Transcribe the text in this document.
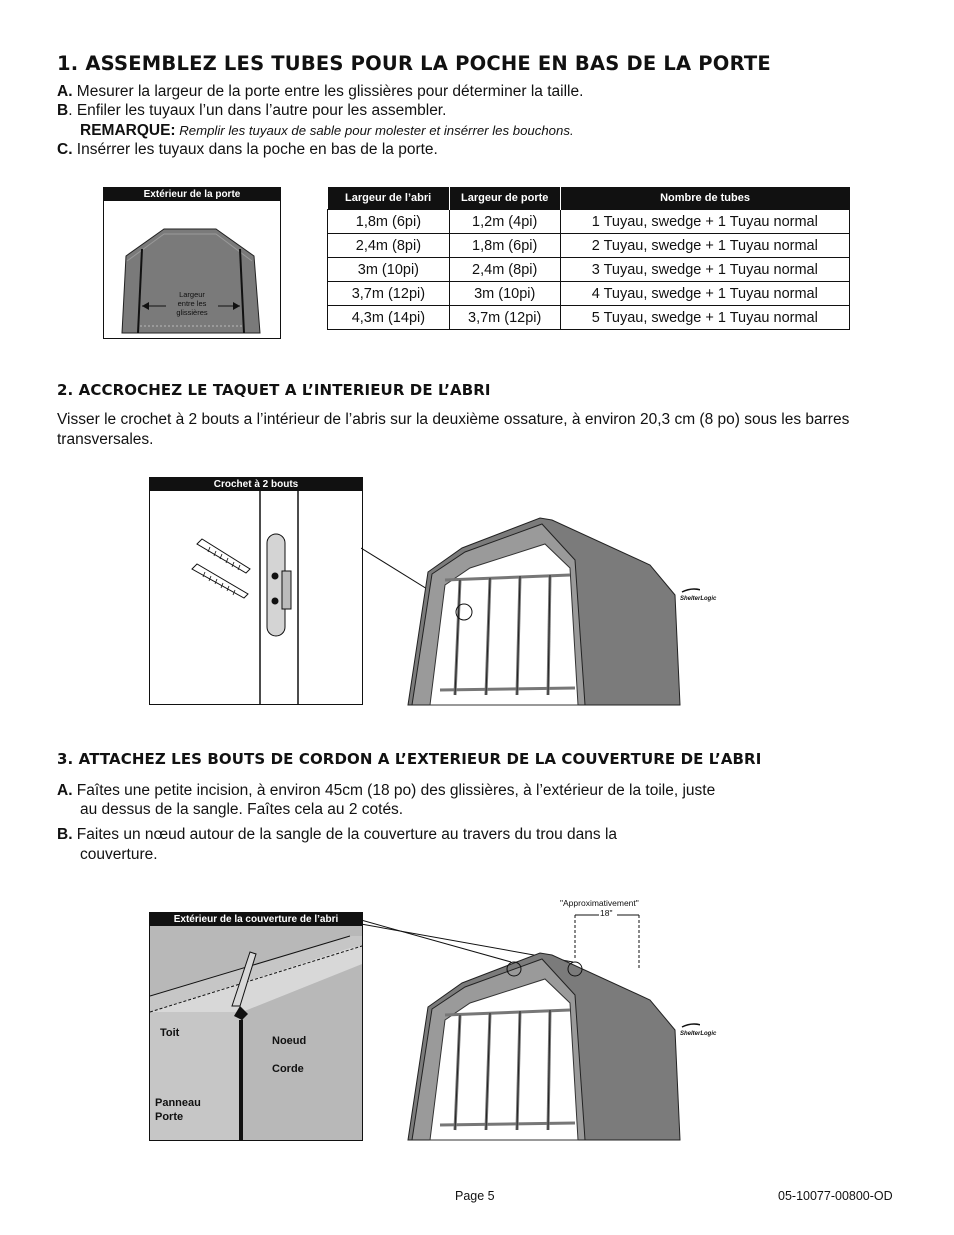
1. ASSEMBLEZ LES TUBES POUR LA POCHE EN BAS DE LA PORTE
A. Mesurer la largeur de la porte entre les glissières pour déterminer la taille.
B. Enfiler les tuyaux l’un dans l’autre pour les assembler.
REMARQUE: Remplir les tuyaux de sable pour molester et insérrer les bouchons.
C. Insérrer les tuyaux dans la poche en bas de la porte.
Extérieur de la porte
Largeur
entre les
glissières
Largeur de l’abri	Largeur de porte	Nombre de tubes
1,8m (6pi)	1,2m (4pi)	1 Tuyau, swedge + 1 Tuyau normal
2,4m (8pi)	1,8m (6pi)	2 Tuyau, swedge + 1 Tuyau normal
3m (10pi)	2,4m (8pi)	3 Tuyau, swedge + 1 Tuyau normal
3,7m (12pi)	3m (10pi)	4 Tuyau, swedge + 1 Tuyau normal
4,3m (14pi)	3,7m (12pi)	5 Tuyau, swedge + 1 Tuyau normal
2. ACCROCHEZ LE TAQUET A L’INTERIEUR DE L’ABRI
Visser le crochet à 2 bouts a l’intérieur de l’abris sur la deuxième ossature, à environ 20,3 cm (8 po) sous les barres transversales.
Crochet à 2 bouts
ShelterLogic
3. ATTACHEZ LES BOUTS DE CORDON A L’EXTERIEUR DE LA COUVERTURE DE L’ABRI
A. Faîtes une petite incision, à environ 45cm (18 po) des glissières, à l’extérieur de la toile, juste
au dessus de la sangle. Faîtes cela au 2 cotés.
B. Faites un nœud autour de la sangle de la couverture au travers du trou dans la
couverture.
Extérieur de la couverture de l’abri
Toit
Noeud
Corde
Panneau
Porte
"Approximativement"
18"
ShelterLogic
Page 5	05-10077-00800-OD
